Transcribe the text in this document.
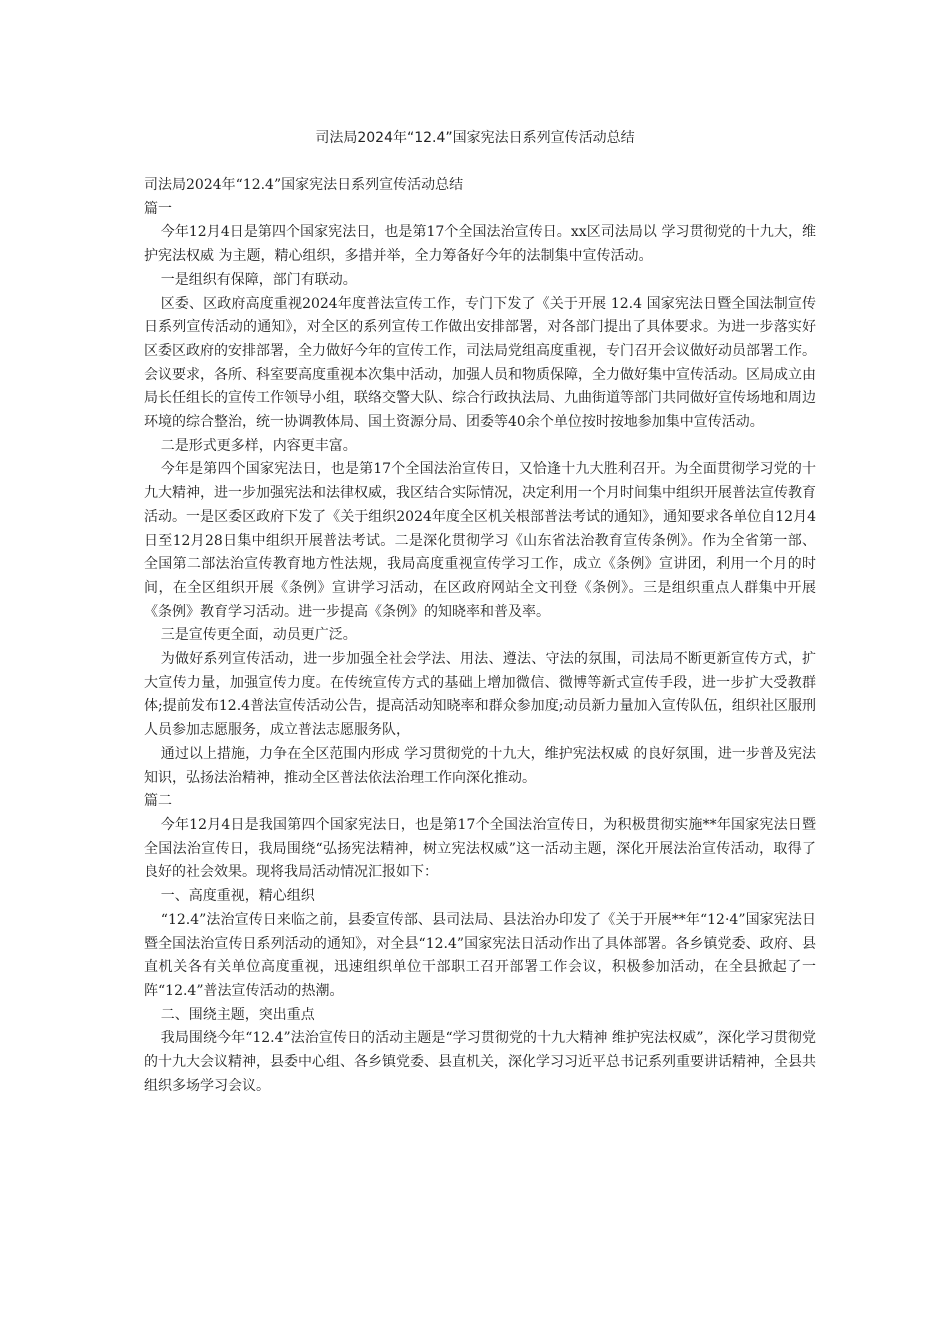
司法局2024年“12.4”国家宪法日系列宣传活动总结

司法局2024年“12.4”国家宪法日系列宣传活动总结

篇一

今年12月4日是第四个国家宪法日，也是第17个全国法治宣传日。xx区司法局以 学习贯彻党的十九大，维护宪法权威 为主题，精心组织，多措并举，全力筹备好今年的法制集中宣传活动。

一是组织有保障，部门有联动。

区委、区政府高度重视2024年度普法宣传工作，专门下发了《关于开展 12.4 国家宪法日暨全国法制宣传日系列宣传活动的通知》，对全区的系列宣传工作做出安排部署，对各部门提出了具体要求。为进一步落实好区委区政府的安排部署，全力做好今年的宣传工作，司法局党组高度重视，专门召开会议做好动员部署工作。会议要求，各所、科室要高度重视本次集中活动，加强人员和物质保障，全力做好集中宣传活动。区局成立由局长任组长的宣传工作领导小组，联络交警大队、综合行政执法局、九曲街道等部门共同做好宣传场地和周边环境的综合整治，统一协调教体局、国土资源分局、团委等40余个单位按时按地参加集中宣传活动。

二是形式更多样，内容更丰富。

今年是第四个国家宪法日，也是第17个全国法治宣传日，又恰逢十九大胜利召开。为全面贯彻学习党的十九大精神，进一步加强宪法和法律权威，我区结合实际情况，决定利用一个月时间集中组织开展普法宣传教育活动。一是区委区政府下发了《关于组织2024年度全区机关根部普法考试的通知》，通知要求各单位自12月4日至12月28日集中组织开展普法考试。二是深化贯彻学习《山东省法治教育宣传条例》。作为全省第一部、全国第二部法治宣传教育地方性法规，我局高度重视宣传学习工作，成立《条例》宣讲团，利用一个月的时间，在全区组织开展《条例》宣讲学习活动，在区政府网站全文刊登《条例》。三是组织重点人群集中开展《条例》教育学习活动。进一步提高《条例》的知晓率和普及率。

三是宣传更全面，动员更广泛。

为做好系列宣传活动，进一步加强全社会学法、用法、遵法、守法的氛围，司法局不断更新宣传方式，扩大宣传力量，加强宣传力度。在传统宣传方式的基础上增加微信、微博等新式宣传手段，进一步扩大受教群体;提前发布12.4普法宣传活动公告，提高活动知晓率和群众参加度;动员新力量加入宣传队伍，组织社区服刑人员参加志愿服务，成立普法志愿服务队，

通过以上措施，力争在全区范围内形成 学习贯彻党的十九大，维护宪法权威 的良好氛围，进一步普及宪法知识，弘扬法治精神，推动全区普法依法治理工作向深化推动。

篇二

今年12月4日是我国第四个国家宪法日，也是第17个全国法治宣传日，为积极贯彻实施**年国家宪法日暨全国法治宣传日，我局围绕“弘扬宪法精神，树立宪法权威”这一活动主题，深化开展法治宣传活动，取得了良好的社会效果。现将我局活动情况汇报如下：

一、高度重视，精心组织

“12.4”法治宣传日来临之前，县委宣传部、县司法局、县法治办印发了《关于开展**年“12·4”国家宪法日暨全国法治宣传日系列活动的通知》，对全县“12.4”国家宪法日活动作出了具体部署。各乡镇党委、政府、县直机关各有关单位高度重视，迅速组织单位干部职工召开部署工作会议，积极参加活动，在全县掀起了一阵“12.4”普法宣传活动的热潮。

二、围绕主题，突出重点

我局围绕今年“12.4”法治宣传日的活动主题是“学习贯彻党的十九大精神 维护宪法权威”，深化学习贯彻党的十九大会议精神，县委中心组、各乡镇党委、县直机关，深化学习习近平总书记系列重要讲话精神，全县共组织多场学习会议。
